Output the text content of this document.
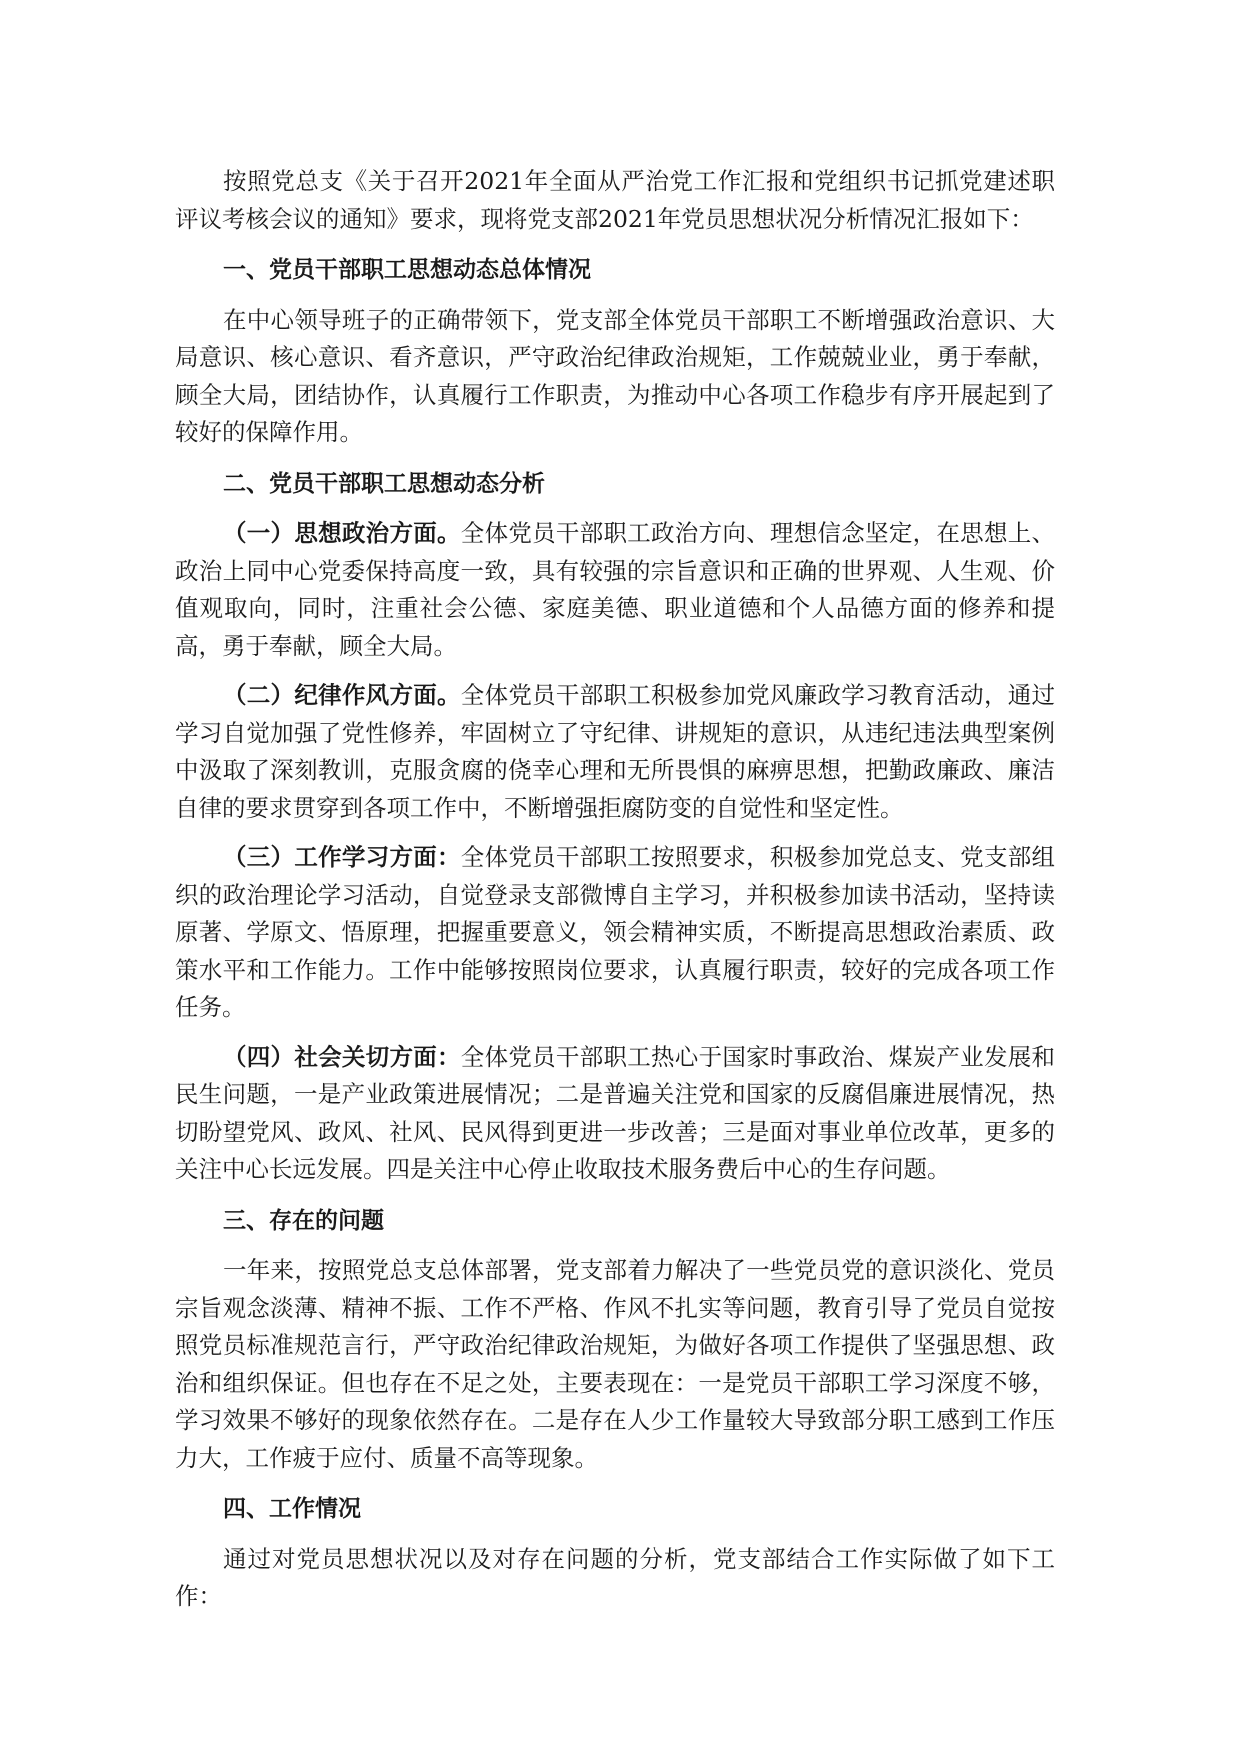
按照党总支《关于召开2021年全面从严治党工作汇报和党组织书记抓党建述职评议考核会议的通知》要求，现将党支部2021年党员思想状况分析情况汇报如下：

一、党员干部职工思想动态总体情况

在中心领导班子的正确带领下，党支部全体党员干部职工不断增强政治意识、大局意识、核心意识、看齐意识，严守政治纪律政治规矩，工作兢兢业业，勇于奉献，顾全大局，团结协作，认真履行工作职责，为推动中心各项工作稳步有序开展起到了较好的保障作用。

二、党员干部职工思想动态分析

（一）思想政治方面。全体党员干部职工政治方向、理想信念坚定，在思想上、政治上同中心党委保持高度一致，具有较强的宗旨意识和正确的世界观、人生观、价值观取向，同时，注重社会公德、家庭美德、职业道德和个人品德方面的修养和提高，勇于奉献，顾全大局。

（二）纪律作风方面。全体党员干部职工积极参加党风廉政学习教育活动，通过学习自觉加强了党性修养，牢固树立了守纪律、讲规矩的意识，从违纪违法典型案例中汲取了深刻教训，克服贪腐的侥幸心理和无所畏惧的麻痹思想，把勤政廉政、廉洁自律的要求贯穿到各项工作中，不断增强拒腐防变的自觉性和坚定性。

（三）工作学习方面：全体党员干部职工按照要求，积极参加党总支、党支部组织的政治理论学习活动，自觉登录支部微博自主学习，并积极参加读书活动，坚持读原著、学原文、悟原理，把握重要意义，领会精神实质，不断提高思想政治素质、政策水平和工作能力。工作中能够按照岗位要求，认真履行职责，较好的完成各项工作任务。

（四）社会关切方面：全体党员干部职工热心于国家时事政治、煤炭产业发展和民生问题，一是产业政策进展情况；二是普遍关注党和国家的反腐倡廉进展情况，热切盼望党风、政风、社风、民风得到更进一步改善；三是面对事业单位改革，更多的关注中心长远发展。四是关注中心停止收取技术服务费后中心的生存问题。

三、存在的问题

一年来，按照党总支总体部署，党支部着力解决了一些党员党的意识淡化、党员宗旨观念淡薄、精神不振、工作不严格、作风不扎实等问题，教育引导了党员自觉按照党员标准规范言行，严守政治纪律政治规矩，为做好各项工作提供了坚强思想、政治和组织保证。但也存在不足之处，主要表现在：一是党员干部职工学习深度不够，学习效果不够好的现象依然存在。二是存在人少工作量较大导致部分职工感到工作压力大，工作疲于应付、质量不高等现象。

四、工作情况

通过对党员思想状况以及对存在问题的分析，党支部结合工作实际做了如下工作：
